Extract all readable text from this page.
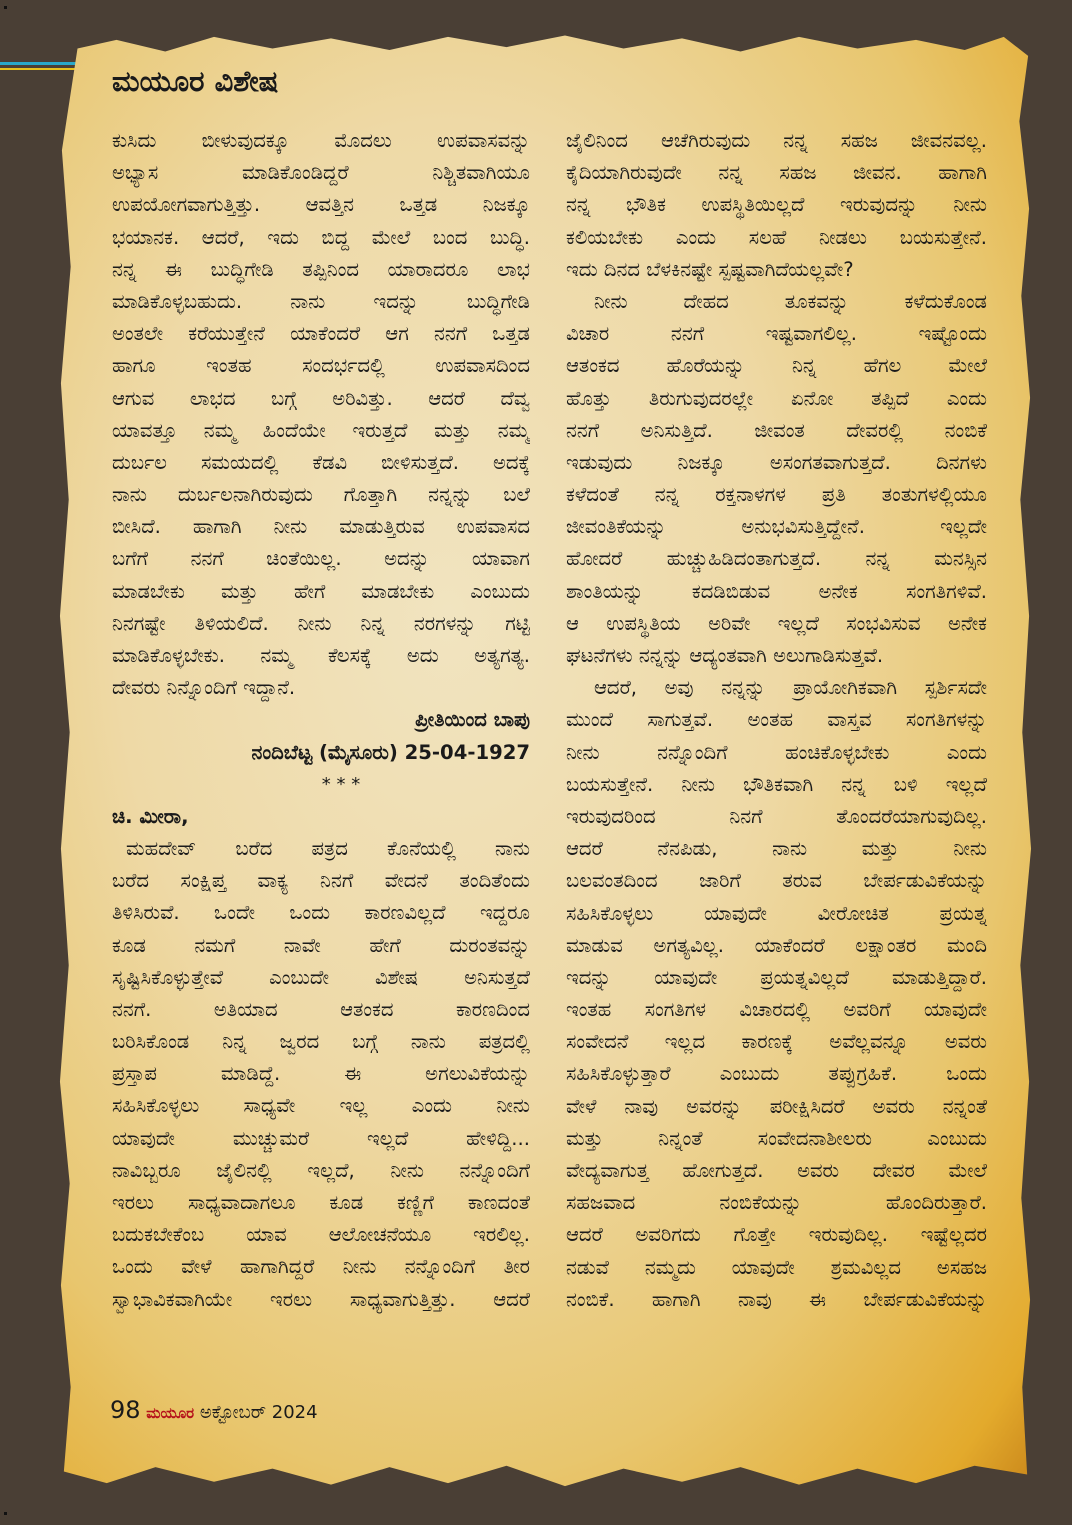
ಮಯೂರ ವಿಶೇಷ
ಕುಸಿದು ಬೀಳುವುದಕ್ಕೂ ಮೊದಲು ಉಪವಾಸವನ್ನು
ಅಭ್ಯಾಸ ಮಾಡಿಕೊಂಡಿದ್ದರೆ ನಿಶ್ಚಿತವಾಗಿಯೂ
ಉಪಯೋಗವಾಗುತ್ತಿತ್ತು. ಆವತ್ತಿನ ಒತ್ತಡ ನಿಜಕ್ಕೂ
ಭಯಾನಕ. ಆದರೆ, ಇದು ಬಿದ್ದ ಮೇಲೆ ಬಂದ ಬುದ್ಧಿ.
ನನ್ನ ಈ ಬುದ್ಧಿಗೇಡಿ ತಪ್ಪಿನಿಂದ ಯಾರಾದರೂ ಲಾಭ
ಮಾಡಿಕೊಳ್ಳಬಹುದು. ನಾನು ಇದನ್ನು ಬುದ್ಧಿಗೇಡಿ
ಅಂತಲೇ ಕರೆಯುತ್ತೇನೆ ಯಾಕೆಂದರೆ ಆಗ ನನಗೆ ಒತ್ತಡ
ಹಾಗೂ ಇಂತಹ ಸಂದರ್ಭದಲ್ಲಿ ಉಪವಾಸದಿಂದ
ಆಗುವ ಲಾಭದ ಬಗ್ಗೆ ಅರಿವಿತ್ತು. ಆದರೆ ದೆವ್ವ
ಯಾವತ್ತೂ ನಮ್ಮ ಹಿಂದೆಯೇ ಇರುತ್ತದೆ ಮತ್ತು ನಮ್ಮ
ದುರ್ಬಲ ಸಮಯದಲ್ಲಿ ಕೆಡವಿ ಬೀಳಿಸುತ್ತದೆ. ಅದಕ್ಕೆ
ನಾನು ದುರ್ಬಲನಾಗಿರುವುದು ಗೊತ್ತಾಗಿ ನನ್ನನ್ನು ಬಲೆ
ಬೀಸಿದೆ. ಹಾಗಾಗಿ ನೀನು ಮಾಡುತ್ತಿರುವ ಉಪವಾಸದ
ಬಗೆಗೆ ನನಗೆ ಚಿಂತೆಯಿಲ್ಲ. ಅದನ್ನು ಯಾವಾಗ
ಮಾಡಬೇಕು ಮತ್ತು ಹೇಗೆ ಮಾಡಬೇಕು ಎಂಬುದು
ನಿನಗಷ್ಟೇ ತಿಳಿಯಲಿದೆ. ನೀನು ನಿನ್ನ ನರಗಳನ್ನು ಗಟ್ಟಿ
ಮಾಡಿಕೊಳ್ಳಬೇಕು. ನಮ್ಮ ಕೆಲಸಕ್ಕೆ ಅದು ಅತ್ಯಗತ್ಯ.
ದೇವರು ನಿನ್ನೊಂದಿಗೆ ಇದ್ದಾನೆ.
ಪ್ರೀತಿಯಿಂದ ಬಾಪು
ನಂದಿಬೆಟ್ಟ (ಮೈಸೂರು) 25-04-1927
* * *
ಚಿ. ಮೀರಾ,
ಮಹದೇವ್ ಬರೆದ ಪತ್ರದ ಕೊನೆಯಲ್ಲಿ ನಾನು
ಬರೆದ ಸಂಕ್ಷಿಪ್ತ ವಾಕ್ಯ ನಿನಗೆ ವೇದನೆ ತಂದಿತೆಂದು
ತಿಳಿಸಿರುವೆ. ಒಂದೇ ಒಂದು ಕಾರಣವಿಲ್ಲದೆ ಇದ್ದರೂ
ಕೂಡ ನಮಗೆ ನಾವೇ ಹೇಗೆ ದುರಂತವನ್ನು
ಸೃಷ್ಟಿಸಿಕೊಳ್ಳುತ್ತೇವೆ ಎಂಬುದೇ ವಿಶೇಷ ಅನಿಸುತ್ತದೆ
ನನಗೆ. ಅತಿಯಾದ ಆತಂಕದ ಕಾರಣದಿಂದ
ಬರಿಸಿಕೊಂಡ ನಿನ್ನ ಜ್ವರದ ಬಗ್ಗೆ ನಾನು ಪತ್ರದಲ್ಲಿ
ಪ್ರಸ್ತಾಪ ಮಾಡಿದ್ದೆ. ಈ ಅಗಲುವಿಕೆಯನ್ನು
ಸಹಿಸಿಕೊಳ್ಳಲು ಸಾಧ್ಯವೇ ಇಲ್ಲ ಎಂದು ನೀನು
ಯಾವುದೇ ಮುಚ್ಚುಮರೆ ಇಲ್ಲದೆ ಹೇಳಿದ್ದಿ...
ನಾವಿಬ್ಬರೂ ಜೈಲಿನಲ್ಲಿ ಇಲ್ಲದೆ, ನೀನು ನನ್ನೊಂದಿಗೆ
ಇರಲು ಸಾಧ್ಯವಾದಾಗಲೂ ಕೂಡ ಕಣ್ಣಿಗೆ ಕಾಣದಂತೆ
ಬದುಕಬೇಕೆಂಬ ಯಾವ ಆಲೋಚನೆಯೂ ಇರಲಿಲ್ಲ.
ಒಂದು ವೇಳೆ ಹಾಗಾಗಿದ್ದರೆ ನೀನು ನನ್ನೊಂದಿಗೆ ತೀರ
ಸ್ವಾಭಾವಿಕವಾಗಿಯೇ ಇರಲು ಸಾಧ್ಯವಾಗುತ್ತಿತ್ತು. ಆದರೆ
ಜೈಲಿನಿಂದ ಆಚೆಗಿರುವುದು ನನ್ನ ಸಹಜ ಜೀವನವಲ್ಲ.
ಕೈದಿಯಾಗಿರುವುದೇ ನನ್ನ ಸಹಜ ಜೀವನ. ಹಾಗಾಗಿ
ನನ್ನ ಭೌತಿಕ ಉಪಸ್ಥಿತಿಯಿಲ್ಲದೆ ಇರುವುದನ್ನು ನೀನು
ಕಲಿಯಬೇಕು ಎಂದು ಸಲಹೆ ನೀಡಲು ಬಯಸುತ್ತೇನೆ.
ಇದು ದಿನದ ಬೆಳಕಿನಷ್ಟೇ ಸ್ಪಷ್ಟವಾಗಿದೆಯಲ್ಲವೇ?
ನೀನು ದೇಹದ ತೂಕವನ್ನು ಕಳೆದುಕೊಂಡ
ವಿಚಾರ ನನಗೆ ಇಷ್ಟವಾಗಲಿಲ್ಲ. ಇಷ್ಟೊಂದು
ಆತಂಕದ ಹೊರೆಯನ್ನು ನಿನ್ನ ಹೆಗಲ ಮೇಲೆ
ಹೊತ್ತು ತಿರುಗುವುದರಲ್ಲೇ ಏನೋ ತಪ್ಪಿದೆ ಎಂದು
ನನಗೆ ಅನಿಸುತ್ತಿದೆ. ಜೀವಂತ ದೇವರಲ್ಲಿ ನಂಬಿಕೆ
ಇಡುವುದು ನಿಜಕ್ಕೂ ಅಸಂಗತವಾಗುತ್ತದೆ. ದಿನಗಳು
ಕಳೆದಂತೆ ನನ್ನ ರಕ್ತನಾಳಗಳ ಪ್ರತಿ ತಂತುಗಳಲ್ಲಿಯೂ
ಜೀವಂತಿಕೆಯನ್ನು ಅನುಭವಿಸುತ್ತಿದ್ದೇನೆ. ಇಲ್ಲದೇ
ಹೋದರೆ ಹುಚ್ಚುಹಿಡಿದಂತಾಗುತ್ತದೆ. ನನ್ನ ಮನಸ್ಸಿನ
ಶಾಂತಿಯನ್ನು ಕದಡಿಬಿಡುವ ಅನೇಕ ಸಂಗತಿಗಳಿವೆ.
ಆ ಉಪಸ್ಥಿತಿಯ ಅರಿವೇ ಇಲ್ಲದೆ ಸಂಭವಿಸುವ ಅನೇಕ
ಘಟನೆಗಳು ನನ್ನನ್ನು ಆದ್ಯಂತವಾಗಿ ಅಲುಗಾಡಿಸುತ್ತವೆ.
ಆದರೆ, ಅವು ನನ್ನನ್ನು ಪ್ರಾಯೋಗಿಕವಾಗಿ ಸ್ಪರ್ಶಿಸದೇ
ಮುಂದೆ ಸಾಗುತ್ತವೆ. ಅಂತಹ ವಾಸ್ತವ ಸಂಗತಿಗಳನ್ನು
ನೀನು ನನ್ನೊಂದಿಗೆ ಹಂಚಿಕೊಳ್ಳಬೇಕು ಎಂದು
ಬಯಸುತ್ತೇನೆ. ನೀನು ಭೌತಿಕವಾಗಿ ನನ್ನ ಬಳಿ ಇಲ್ಲದೆ
ಇರುವುದರಿಂದ ನಿನಗೆ ತೊಂದರೆಯಾಗುವುದಿಲ್ಲ.
ಆದರೆ ನೆನಪಿಡು, ನಾನು ಮತ್ತು ನೀನು
ಬಲವಂತದಿಂದ ಜಾರಿಗೆ ತರುವ ಬೇರ್ಪಡುವಿಕೆಯನ್ನು
ಸಹಿಸಿಕೊಳ್ಳಲು ಯಾವುದೇ ವೀರೋಚಿತ ಪ್ರಯತ್ನ
ಮಾಡುವ ಅಗತ್ಯವಿಲ್ಲ. ಯಾಕೆಂದರೆ ಲಕ್ಷಾಂತರ ಮಂದಿ
ಇದನ್ನು ಯಾವುದೇ ಪ್ರಯತ್ನವಿಲ್ಲದೆ ಮಾಡುತ್ತಿದ್ದಾರೆ.
ಇಂತಹ ಸಂಗತಿಗಳ ವಿಚಾರದಲ್ಲಿ ಅವರಿಗೆ ಯಾವುದೇ
ಸಂವೇದನೆ ಇಲ್ಲದ ಕಾರಣಕ್ಕೆ ಅವೆಲ್ಲವನ್ನೂ ಅವರು
ಸಹಿಸಿಕೊಳ್ಳುತ್ತಾರೆ ಎಂಬುದು ತಪ್ಪುಗ್ರಹಿಕೆ. ಒಂದು
ವೇಳೆ ನಾವು ಅವರನ್ನು ಪರೀಕ್ಷಿಸಿದರೆ ಅವರು ನನ್ನಂತೆ
ಮತ್ತು ನಿನ್ನಂತೆ ಸಂವೇದನಾಶೀಲರು ಎಂಬುದು
ವೇದ್ಯವಾಗುತ್ತ ಹೋಗುತ್ತದೆ. ಅವರು ದೇವರ ಮೇಲೆ
ಸಹಜವಾದ ನಂಬಿಕೆಯನ್ನು ಹೊಂದಿರುತ್ತಾರೆ.
ಆದರೆ ಅವರಿಗದು ಗೊತ್ತೇ ಇರುವುದಿಲ್ಲ. ಇಷ್ಟೆಲ್ಲದರ
ನಡುವೆ ನಮ್ಮದು ಯಾವುದೇ ಶ್ರಮವಿಲ್ಲದ ಅಸಹಜ
ನಂಬಿಕೆ. ಹಾಗಾಗಿ ನಾವು ಈ ಬೇರ್ಪಡುವಿಕೆಯನ್ನು
98 ಮಯೂರ ಅಕ್ಟೋಬರ್ 2024
